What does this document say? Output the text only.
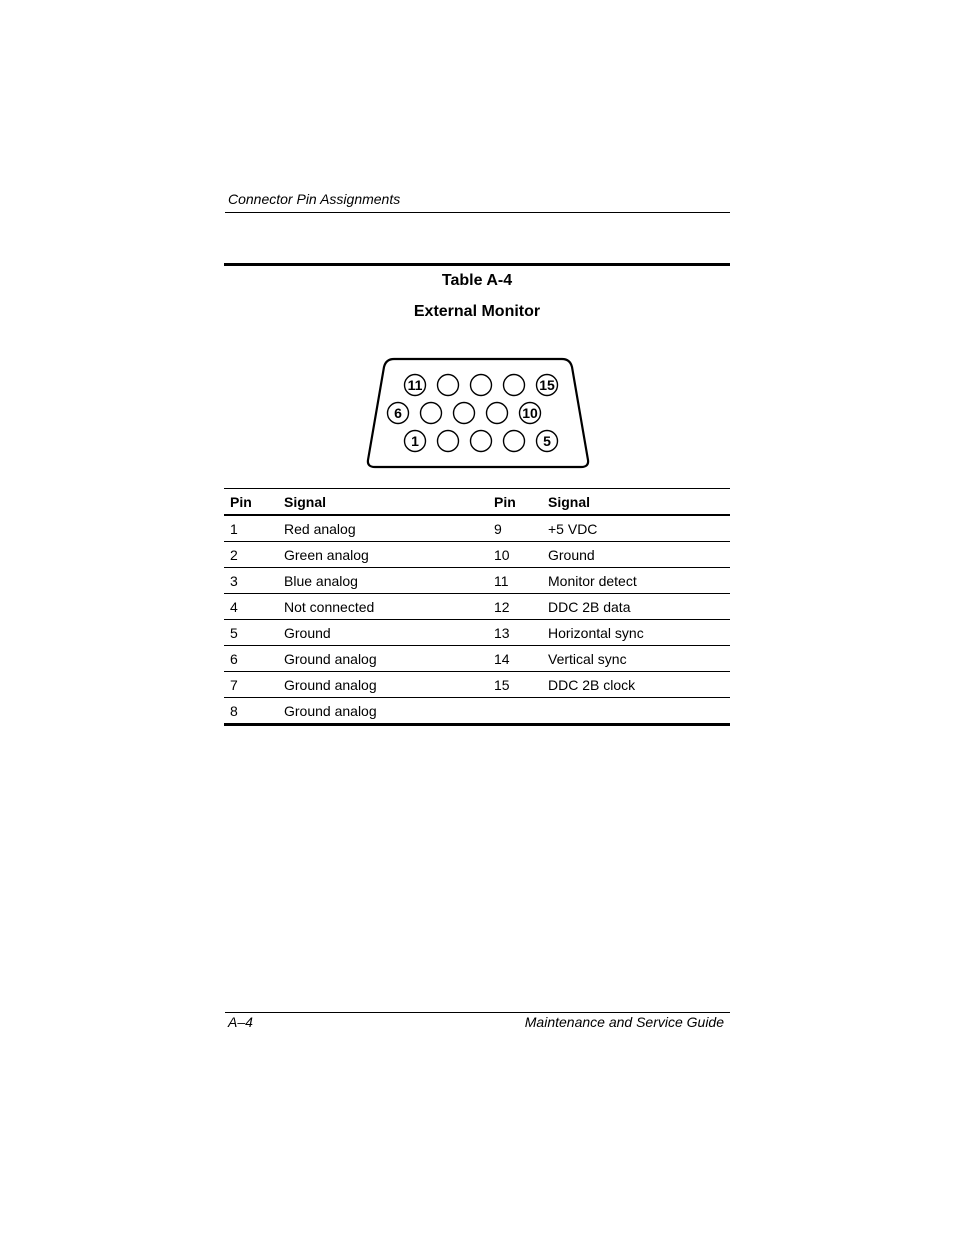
Connector Pin Assignments
Table A-4
External Monitor
11	15
6	10
1	5
Pin	Signal	Pin	Signal
1	Red analog	9	+5 VDC
2	Green analog	10	Ground
3	Blue analog	11	Monitor detect
4	Not connected	12	DDC 2B data
5	Ground	13	Horizontal sync
6	Ground analog	14	Vertical sync
7	Ground analog	15	DDC 2B clock
8	Ground analog		
A–4	Maintenance and Service Guide
